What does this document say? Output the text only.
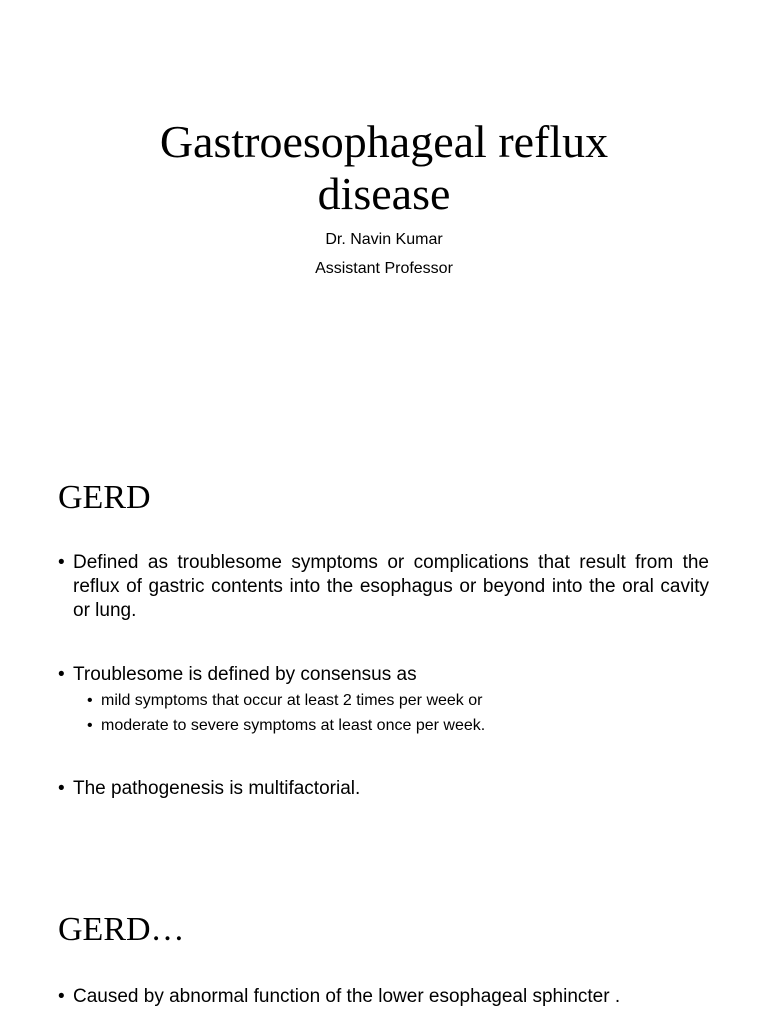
Gastroesophageal reflux
disease
Dr. Navin Kumar
Assistant Professor
GERD
• Defined as troublesome symptoms or complications that result from the reflux of gastric contents into the esophagus or beyond into the oral cavity or lung.
• Troublesome is defined by consensus as
• mild symptoms that occur at least 2 times per week or
• moderate to severe symptoms at least once per week.
• The pathogenesis is multifactorial.
GERD…
• Caused by abnormal function of the lower esophageal sphincter .
